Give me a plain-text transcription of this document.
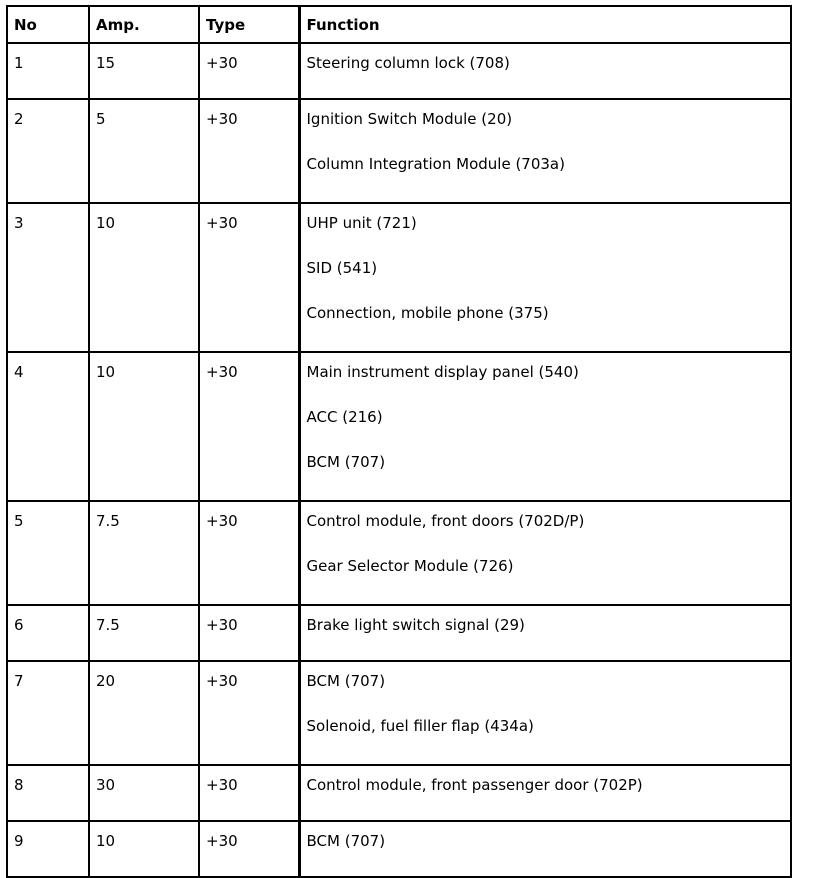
No	Amp.	Type	Function
1	15	+30	Steering column lock (708)

2	5	+30	Ignition Switch Module (20)
Column Integration Module (703a)

3	10	+30	UHP unit (721)
SID (541)
Connection, mobile phone (375)

4	10	+30	Main instrument display panel (540)
ACC (216)
BCM (707)

5	7.5	+30	Control module, front doors (702D/P)
Gear Selector Module (726)

6	7.5	+30	Brake light switch signal (29)

7	20	+30	BCM (707)
Solenoid, fuel filler flap (434a)

8	30	+30	Control module, front passenger door (702P)

9	10	+30	BCM (707)
